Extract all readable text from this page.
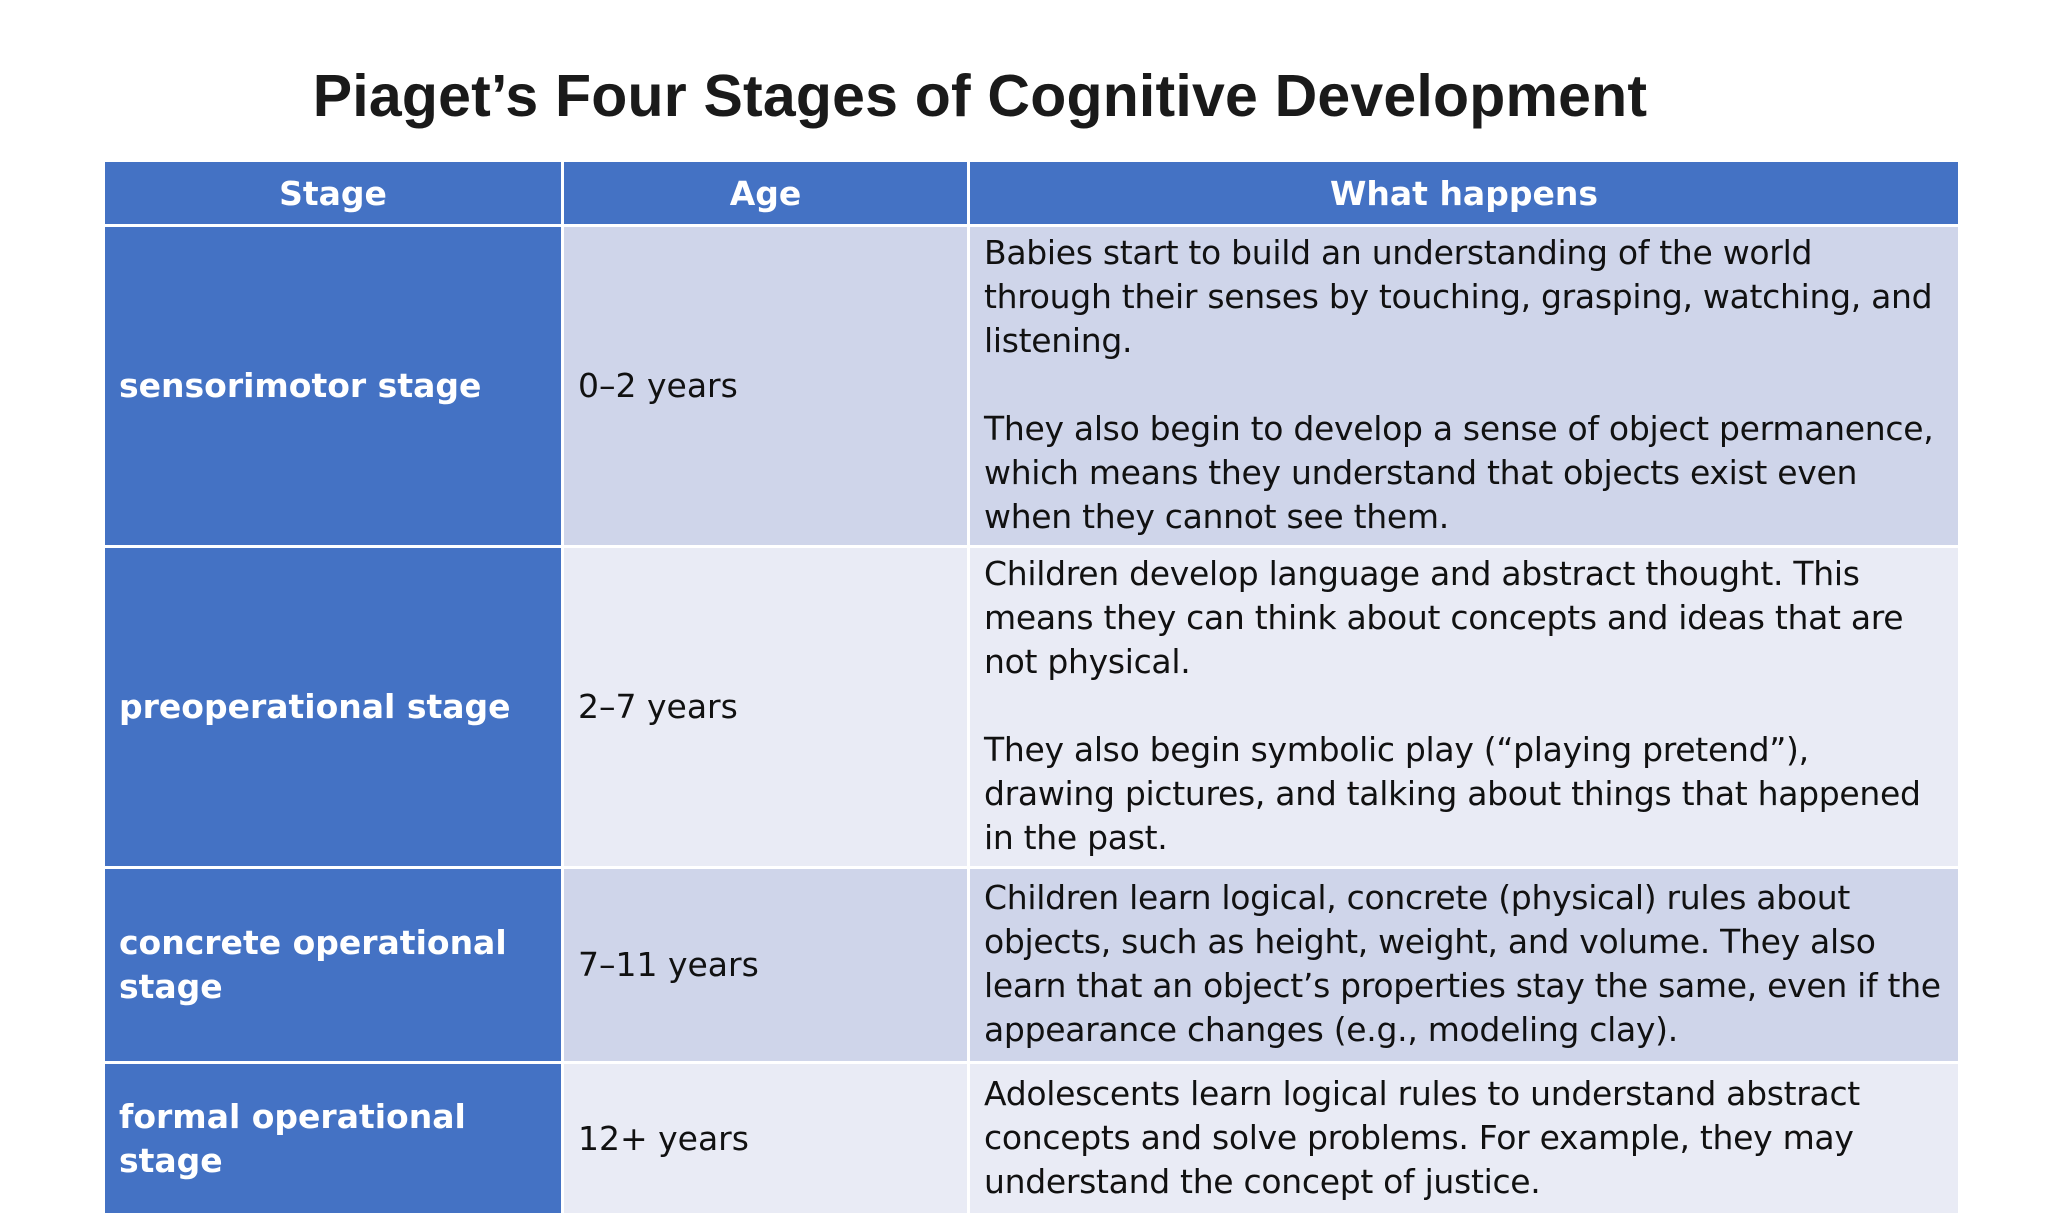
Piaget’s Four Stages of Cognitive Development
Stage	Age	What happens
sensorimotor stage	0–2 years	Babies start to build an understanding of the world through their senses by touching, grasping, watching, and listening.
They also begin to develop a sense of object permanence, which means they understand that objects exist even when they cannot see them.

preoperational stage	2–7 years	Children develop language and abstract thought. This means they can think about concepts and ideas that are not physical.
They also begin symbolic play (“playing pretend”), drawing pictures, and talking about things that happened in the past.

concrete operational stage	7–11 years	Children learn logical, concrete (physical) rules about objects, such as height, weight, and volume. They also learn that an object’s properties stay the same, even if the appearance changes (e.g., modeling clay).

formal operational stage	12+ years	Adolescents learn logical rules to understand abstract concepts and solve problems. For example, they may understand the concept of justice.
